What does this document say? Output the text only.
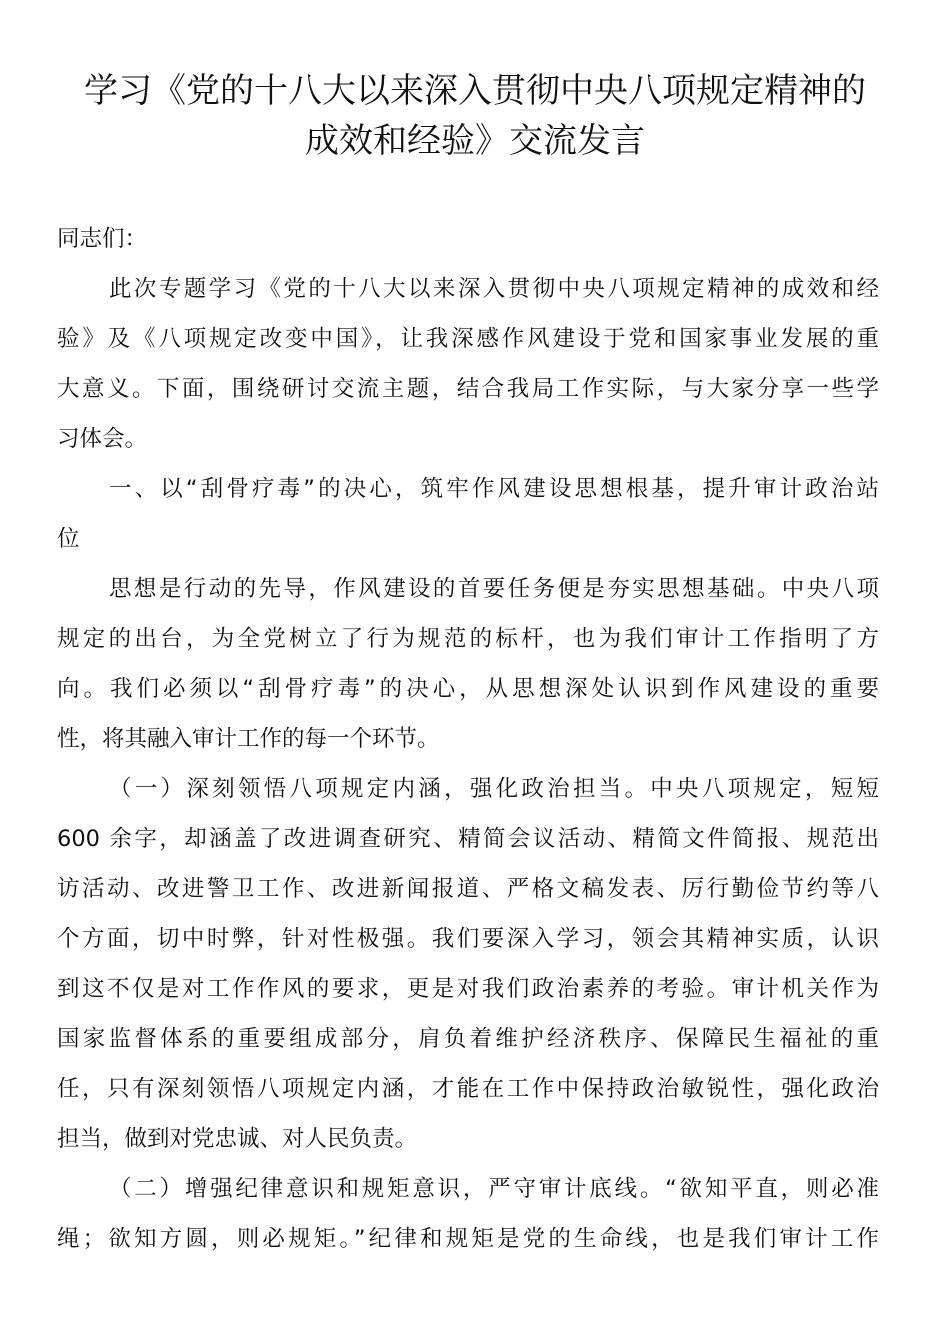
学习《党的十八大以来深入贯彻中央八项规定精神的
成效和经验》交流发言
同志们：
此次专题学习《党的十八大以来深入贯彻中央八项规定精神的成效和经
验》及《八项规定改变中国》，让我深感作风建设于党和国家事业发展的重
大意义。下面，围绕研讨交流主题，结合我局工作实际，与大家分享一些学
习体会。
一、以“刮骨疗毒”的决心，筑牢作风建设思想根基，提升审计政治站
位
思想是行动的先导，作风建设的首要任务便是夯实思想基础。中央八项
规定的出台，为全党树立了行为规范的标杆，也为我们审计工作指明了方
向。我们必须以“刮骨疗毒”的决心，从思想深处认识到作风建设的重要
性，将其融入审计工作的每一个环节。
（一）深刻领悟八项规定内涵，强化政治担当。中央八项规定，短短
600 余字，却涵盖了改进调查研究、精简会议活动、精简文件简报、规范出
访活动、改进警卫工作、改进新闻报道、严格文稿发表、厉行勤俭节约等八
个方面，切中时弊，针对性极强。我们要深入学习，领会其精神实质，认识
到这不仅是对工作作风的要求，更是对我们政治素养的考验。审计机关作为
国家监督体系的重要组成部分，肩负着维护经济秩序、保障民生福祉的重
任，只有深刻领悟八项规定内涵，才能在工作中保持政治敏锐性，强化政治
担当，做到对党忠诚、对人民负责。
（二）增强纪律意识和规矩意识，严守审计底线。“欲知平直，则必准
绳；欲知方圆，则必规矩。”纪律和规矩是党的生命线，也是我们审计工作
